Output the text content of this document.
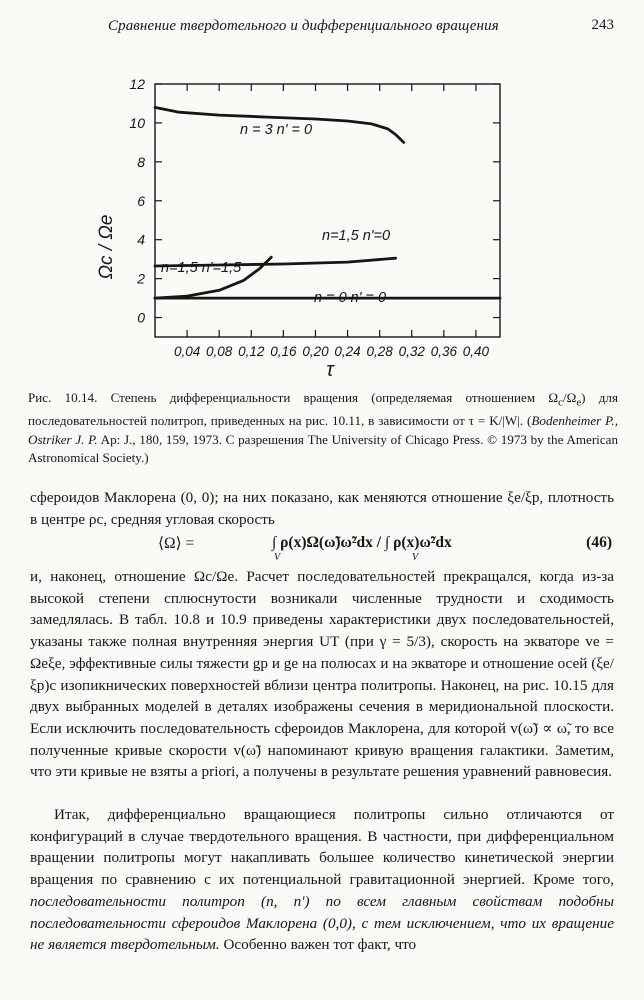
Сравнение твердотельного и дифференциального вращения	243
0
2
4
6
8
10
12
0,04 0,08 0,12 0,16 0,20 0,24 0,28 0,32 0,36 0,40
n = 3 n' = 0
n=1,5 n'=0
n=1,5 n'=1,5
n = 0 n' = 0
Ωc / Ωe
τ
Рис. 10.14. Степень дифференциальности вращения (определяемая отношением $\Omega_c/\Omega_e$) для последовательностей политроп, приведенных на рис. 10.11, в зависимости от τ = K/|W|. (Bodenheimer P., Ostriker J. P. Ap: J., 180, 159, 1973. С разрешения The University of Chicago Press. © 1973 by the American Astronomical Society.)
сфероидов Маклорена (0, 0); на них показано, как меняются отношение ξe/ξp, плотность в центре ρc, средняя угловая скорость
⟨Ω⟩ =	∫ ρ(x)Ω(ω̃)ω̃²dx / ∫ ρ(x)ω̃²dx
V	V
(46)
и, наконец, отношение Ωc/Ωe. Расчет последовательностей прекращался, когда из-за высокой степени сплюснутости возникали численные трудности и сходимость замедлялась. В табл. 10.8 и 10.9 приведены характеристики двух последовательностей, указаны также полная внутренняя энергия UT (при γ = 5/3), скорость на экваторе ve = Ωeξe, эффективные силы тяжести gp и ge на полюсах и на экваторе и отношение осей (ξe/ξp)c изопикнических поверхностей вблизи центра политропы. Наконец, на рис. 10.15 для двух выбранных моделей в деталях изображены сечения в меридиональной плоскости. Если исключить последовательность сфероидов Маклорена, для которой v(ω̃) ∝ ω̃, то все полученные кривые скорости v(ω̃) напоминают кривую вращения галактики. Заметим, что эти кривые не взяты a priori, а получены в результате решения уравнений равновесия.
Итак, дифференциально вращающиеся политропы сильно отличаются от конфигураций в случае твердотельного вращения. В частности, при дифференциальном вращении политропы могут накапливать большее количество кинетической энергии вращения по сравнению с их потенциальной гравитационной энергией. Кроме того, последовательности политроп (n, n') по всем главным свойствам подобны последовательности сфероидов Маклорена (0,0), с тем исключением, что их вращение не является твердотельным. Особенно важен тот факт, что
